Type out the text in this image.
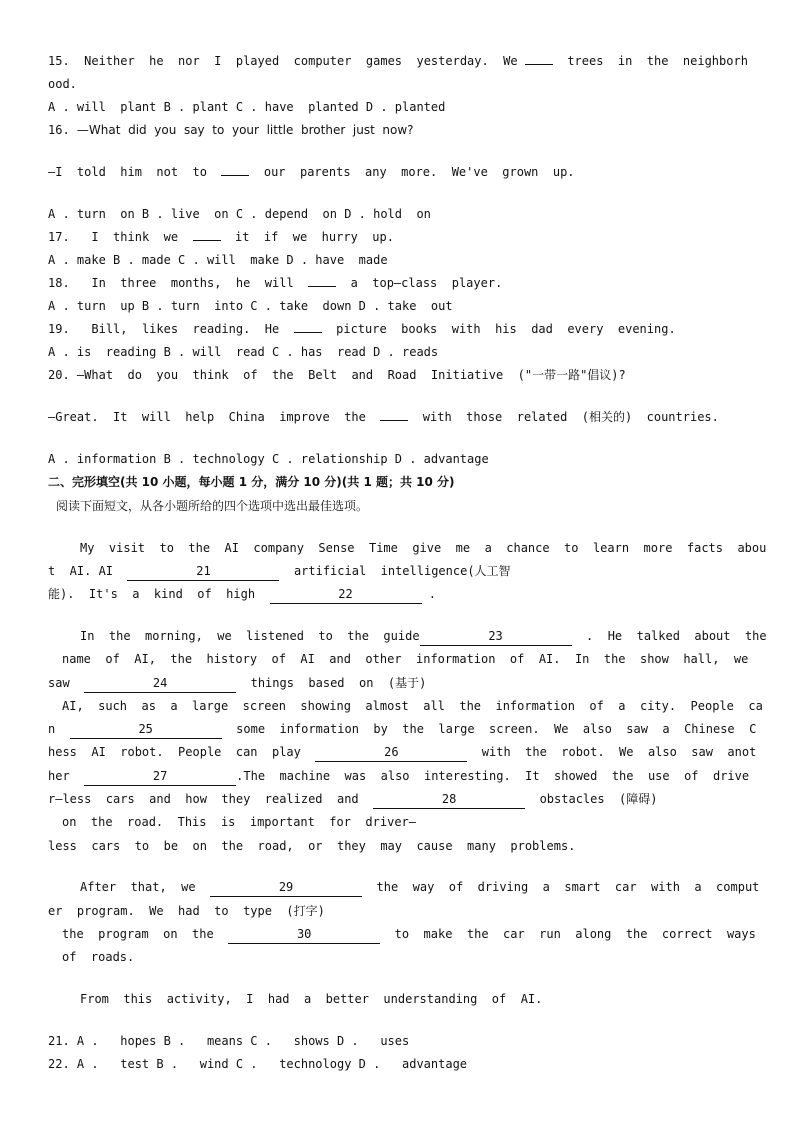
15. Neither  he  nor  I  played  computer  games  yesterday.  We	trees  in  the  neighborh
ood.
A . will  plant B . plant C . have  planted D . planted
16. —What  did  you  say  to  your  little  brother  just  now?
—I  told  him  not  to	our  parents  any  more.  We've  grown  up.
A . turn  on B . live  on C . depend  on D . hold  on
17. I  think  we	it  if  we  hurry  up.
A . make B . made C . will  make D . have  made
18. In  three  months,  he  will	a  top—class  player.
A . turn  up B . turn  into C . take  down D . take  out
19. Bill,  likes  reading.  He	picture  books  with  his  dad  every  evening.
A . is  reading B . will  read C . has  read D . reads
20. —What  do  you  think  of  the  Belt  and  Road  Initiative  ("一带一路"倡议)?
—Great.  It  will  help  China  improve  the	with  those  related  (相关的)  countries.
A . information B . technology C . relationship D . advantage
二、完形填空(共 10 小题，每小题 1 分，满分 10 分)(共 1 题；共 10 分)
阅读下面短文，从各小题所给的四个选项中选出最佳选项。
My  visit  to  the  AI  company  Sense  Time  give  me  a  chance  to  learn  more  facts  abou
t  AI. AI	21	artificial  intelligence(人工智
能).  It's  a  kind  of  high	22	.
In  the  morning,  we  listened  to  the  guide	23	.  He  talked  about  the
name  of  AI,  the  history  of  AI  and  other  information  of  AI.  In  the  show  hall,  we
saw	24	things  based  on  (基于)
AI,  such  as  a  large  screen  showing  almost  all  the  information  of  a  city.  People  ca
n	25	some  information  by  the  large  screen.  We  also  saw  a  Chinese  C
hess  AI  robot.  People  can  play	26	with  the  robot.  We  also  saw  anot
her	27	.The  machine  was  also  interesting.  It  showed  the  use  of  drive
r—less  cars  and  how  they  realized  and	28	obstacles  (障碍)
on  the  road.  This  is  important  for  driver—
less  cars  to  be  on  the  road,  or  they  may  cause  many  problems.
After  that,  we	29	the  way  of  driving  a  smart  car  with  a  comput
er  program.  We  had  to  type  (打字)
the  program  on  the	30	to  make  the  car  run  along  the  correct  ways
of  roads.
From  this  activity,  I  had  a  better  understanding  of  AI.
21. A .   hopes B .   means C .   shows D .   uses
22. A .   test B .   wind C .   technology D .   advantage
